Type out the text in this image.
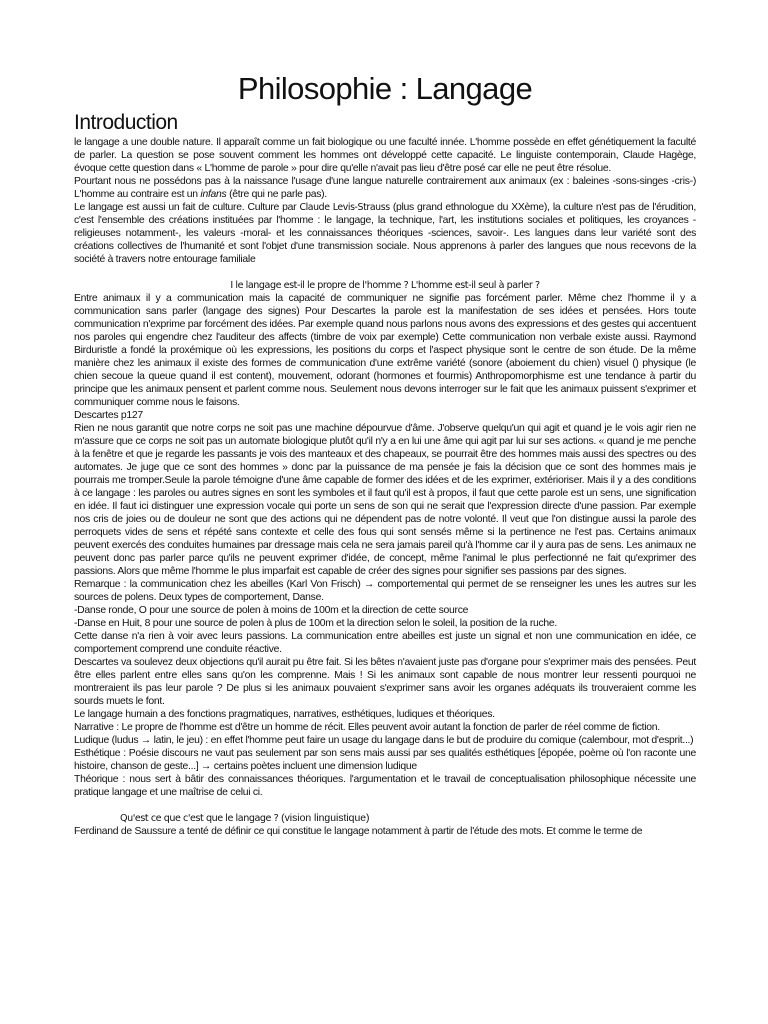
Philosophie : Langage
Introduction

le langage a une double nature. Il apparaît comme un fait biologique ou une faculté innée. L'homme possède en effet génétiquement la faculté de parler. La question se pose souvent comment les hommes ont développé cette capacité. Le linguiste contemporain, Claude Hagège, évoque cette question dans « L'homme de parole » pour dire qu'elle n'avait pas lieu d'être posé car elle ne peut être résolue.

Pourtant nous ne possédons pas à la naissance l'usage d'une langue naturelle contrairement aux animaux (ex : baleines -sons-singes -cris-) L'homme au contraire est un infans (être qui ne parle pas).

Le langage est aussi un fait de culture. Culture par Claude Levis-Strauss (plus grand ethnologue du XXème), la culture n'est pas de l'érudition, c'est l'ensemble des créations instituées par l'homme : le langage, la technique, l'art, les institutions sociales et politiques, les croyances -religieuses notamment-, les valeurs -moral- et les connaissances théoriques -sciences, savoir-. Les langues dans leur variété sont des créations collectives de l'humanité et sont l'objet d'une transmission sociale. Nous apprenons à parler des langues que nous recevons de la société à travers notre entourage familiale

I le langage est-il le propre de l'homme ? L'homme est-il seul à parler ?

Entre animaux il y a communication mais la capacité de communiquer ne signifie pas forcément parler. Même chez l'homme il y a communication sans parler (langage des signes) Pour Descartes la parole est la manifestation de ses idées et pensées. Hors toute communication n'exprime par forcément des idées. Par exemple quand nous parlons nous avons des expressions et des gestes qui accentuent nos paroles qui engendre chez l'auditeur des affects (timbre de voix par exemple) Cette communication non verbale existe aussi. Raymond Birduristle a fondé la proxémique où les expressions, les positions du corps et l'aspect physique sont le centre de son étude. De la même manière chez les animaux il existe des formes de communication d'une extrême variété (sonore (aboiement du chien) visuel () physique (le chien secoue la queue quand il est content), mouvement, odorant (hormones et fourmis) Anthropomorphisme est une tendance à partir du principe que les animaux pensent et parlent comme nous. Seulement nous devons interroger sur le fait que les animaux puissent s'exprimer et communiquer comme nous le faisons.

Descartes p127

Rien ne nous garantit que notre corps ne soit pas une machine dépourvue d'âme. J'observe quelqu'un qui agit et quand je le vois agir rien ne m'assure que ce corps ne soit pas un automate biologique plutôt qu'il n'y a en lui une âme qui agit par lui sur ses actions. « quand je me penche à la fenêtre et que je regarde les passants je vois des manteaux et des chapeaux, se pourrait être des hommes mais aussi des spectres ou des automates. Je juge que ce sont des hommes » donc par la puissance de ma pensée je fais la décision que ce sont des hommes mais je pourrais me tromper.Seule la parole témoigne d'une âme capable de former des idées et de les exprimer, extérioriser. Mais il y a des conditions à ce langage : les paroles ou autres signes en sont les symboles et il faut qu'il est à propos, il faut que cette parole est un sens, une signification en idée. Il faut ici distinguer une expression vocale qui porte un sens de son qui ne serait que l'expression directe d'une passion. Par exemple nos cris de joies ou de douleur ne sont que des actions qui ne dépendent pas de notre volonté. Il veut que l'on distingue aussi la parole des perroquets vides de sens et répété sans contexte et celle des fous qui sont sensés même si la pertinence ne l'est pas. Certains animaux peuvent exercés des conduites humaines par dressage mais cela ne sera jamais pareil qu'à l'homme car il y aura pas de sens. Les animaux ne peuvent donc pas parler parce qu'ils ne peuvent exprimer d'idée, de concept, même l'animal le plus perfectionné ne fait qu'exprimer des passions. Alors que même l'homme le plus imparfait est capable de créer des signes pour signifier ses passions par des signes.

Remarque : la communication chez les abeilles (Karl Von Frisch) → comportemental qui permet de se renseigner les unes les autres sur les sources de polens. Deux types de comportement, Danse.

-Danse ronde, O pour une source de polen à moins de 100m et la direction de cette source

-Danse en Huit, 8 pour une source de polen à plus de 100m et la direction selon le soleil, la position de la ruche.

Cette danse n'a rien à voir avec leurs passions. La communication entre abeilles est juste un signal et non une communication en idée, ce comportement comprend une conduite réactive.

Descartes va soulevez deux objections qu'il aurait pu être fait. Si les bêtes n'avaient juste pas d'organe pour s'exprimer mais des pensées. Peut être elles parlent entre elles sans qu'on les comprenne. Mais ! Si les animaux sont capable de nous montrer leur ressenti pourquoi ne montreraient ils pas leur parole ? De plus si les animaux pouvaient s'exprimer sans avoir les organes adéquats ils trouveraient comme les sourds muets le font.

Le langage humain a des fonctions pragmatiques, narratives, esthétiques, ludiques et théoriques.

Narrative : Le propre de l'homme est d'être un homme de récit. Elles peuvent avoir autant la fonction de parler de réel comme de fiction.

Ludique (ludus → latin, le jeu) : en effet l'homme peut faire un usage du langage dans le but de produire du comique (calembour, mot d'esprit...)

Esthétique : Poésie discours ne vaut pas seulement par son sens mais aussi par ses qualités esthétiques [épopée, poème où l'on raconte une histoire, chanson de geste...] → certains poètes incluent une dimension ludique

Théorique : nous sert à bâtir des connaissances théoriques. l'argumentation et le travail de conceptualisation philosophique nécessite une pratique langage et une maîtrise de celui ci.

Qu'est ce que c'est que le langage ? (vision linguistique)

Ferdinand de Saussure a tenté de définir ce qui constitue le langage notamment à partir de l'étude des mots. Et comme le terme de
